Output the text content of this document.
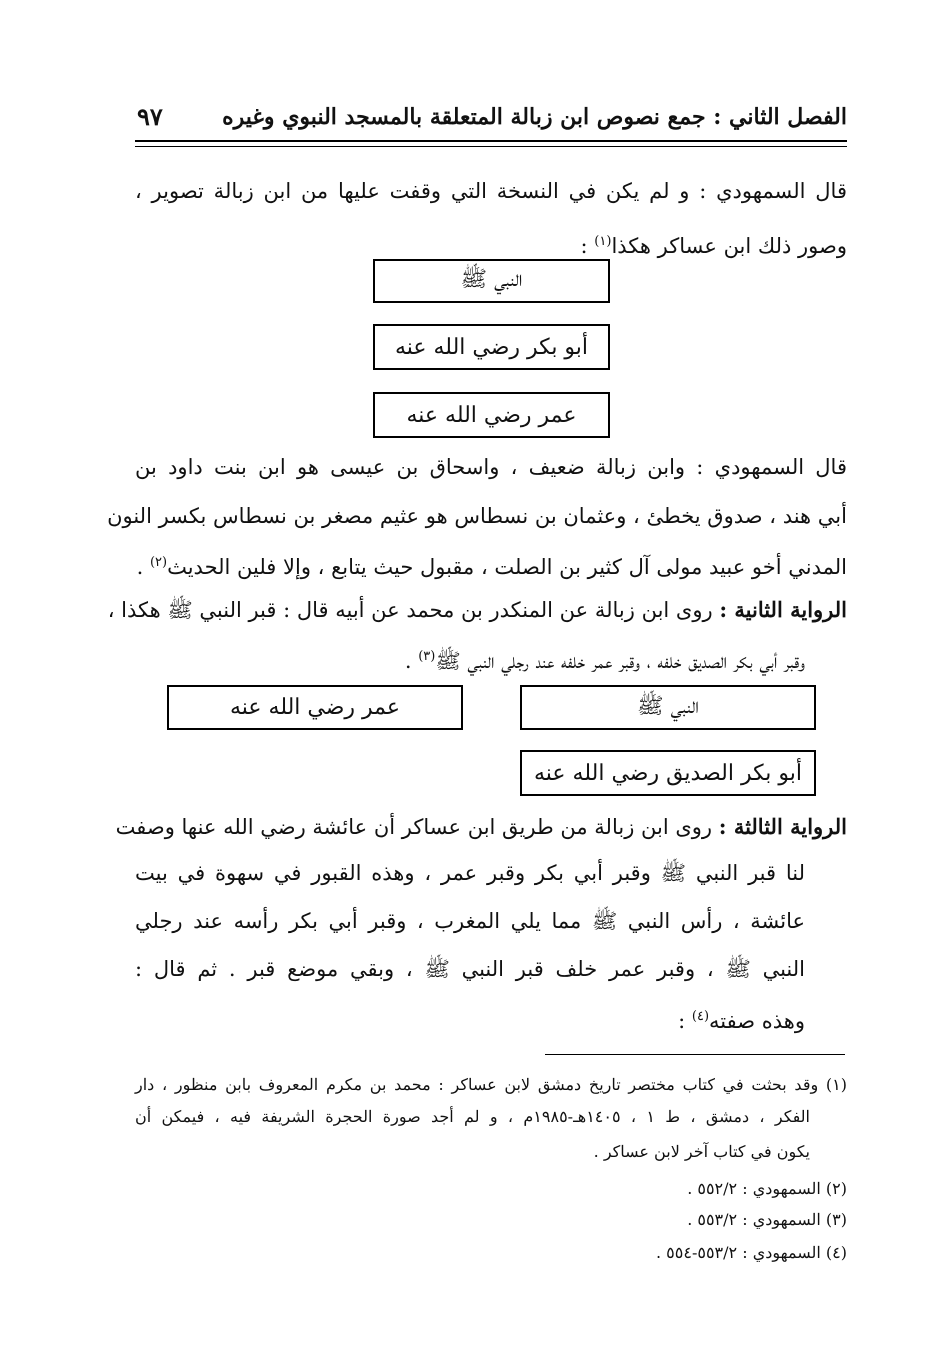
الفصل الثاني : جمع نصوص ابن زبالة المتعلقة بالمسجد النبوي وغيره
٩٧
قال السمهودي : و لم يكن في النسخة التي وقفت عليها من ابن زبالة تصوير ،
وصور ذلك ابن عساكر هكذا$^{(١)}$ :
النبي ﷺ
أبو بكر رضي الله عنه
عمر رضي الله عنه
قال السمهودي : وابن زبالة ضعيف ، واسحاق بن عيسى هو ابن بنت داود بن
أبي هند ، صدوق يخطئ ، وعثمان بن نسطاس هو عثيم مصغر بن نسطاس بكسر النون
المدني أخو عبيد مولى آل كثير بن الصلت ، مقبول حيث يتابع ، وإلا فلين الحديث$^{(٢)}$ .
الرواية الثانية : روى ابن زبالة عن المنكدر بن محمد عن أبيه قال : قبر النبي ﷺ هكذا ،
وقبر أبي بكر الصديق خلفه ، وقبر عمر خلفه عند رجلي النبي ﷺ$^{(٣)}$ .
النبي ﷺ
عمر رضي الله عنه
أبو بكر الصديق رضي الله عنه
الرواية الثالثة : روى ابن زبالة من طريق ابن عساكر أن عائشة رضي الله عنها وصفت
لنا قبر النبي ﷺ وقبر أبي بكر وقبر عمر ، وهذه القبور في سهوة في بيت
عائشة ، رأس النبي ﷺ مما يلي المغرب ، وقبر أبي بكر رأسه عند رجلي
النبي ﷺ ، وقبر عمر خلف قبر النبي ﷺ ، وبقي موضع قبر . ثم قال :
وهذه صفته$^{(٤)}$ :
(١) وقد بحثت في كتاب مختصر تاريخ دمشق لابن عساكر : محمد بن مكرم المعروف بابن منظور ، دار
الفكر ، دمشق ، ط ١ ، ١٤٠٥هـ-١٩٨٥م ، و لم أجد صورة الحجرة الشريفة فيه ، فيمكن أن
يكون في كتاب آخر لابن عساكر .
(٢) السمهودي : ٥٥٢/٢ .
(٣) السمهودي : ٥٥٣/٢ .
(٤) السمهودي : ٥٥٣/٢-٥٥٤ .
